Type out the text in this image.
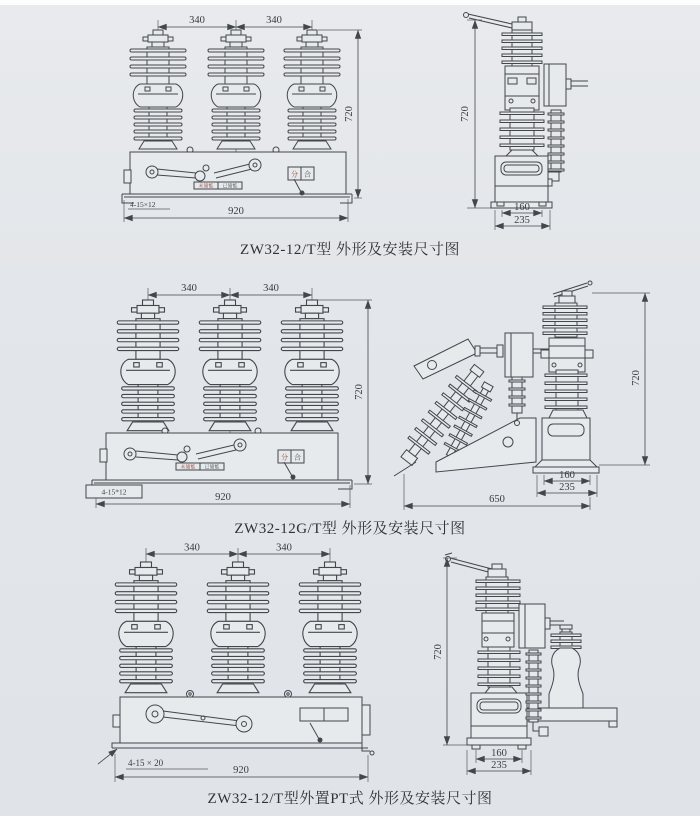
340	340
未储能 已储能
分 合
4-15×12
720
920
720
160
235
ZW32-12/T型 外形及安装尺寸图
340	340
未储能 已储能
分 合
920
4-15*12
720
720
160
235
650
ZW32-12G/T型 外形及安装尺寸图
340	340
4-15 × 20
920
720
160
235
ZW32-12/T型外置PT式 外形及安装尺寸图
